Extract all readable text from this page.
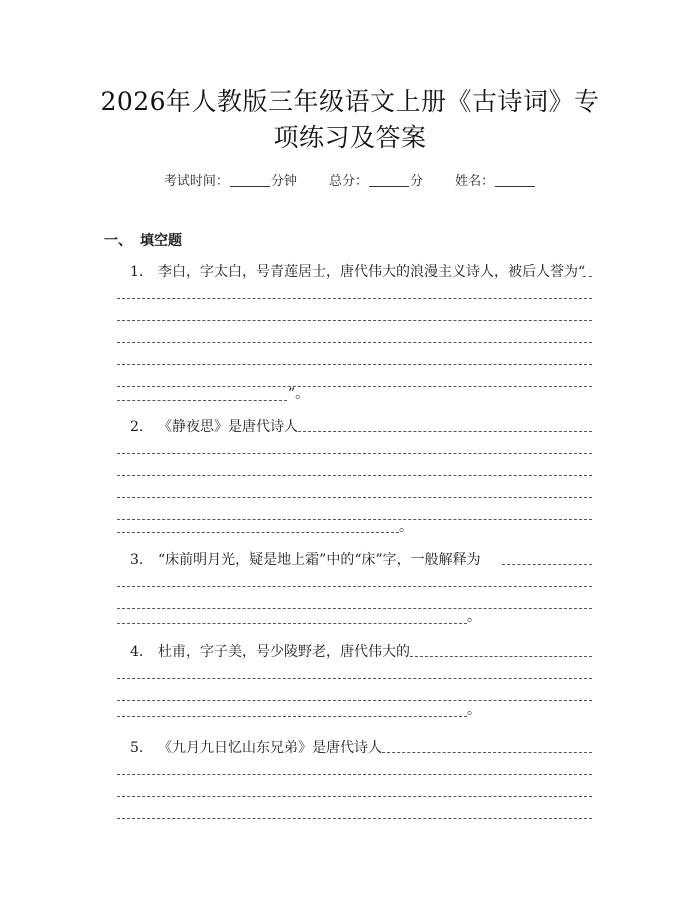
2026年人教版三年级语文上册《古诗词》专
项练习及答案
考试时间：	分钟 总分：	分 姓名：
一、 填空题
1. 李白，字太白，号青莲居士，唐代伟大的浪漫主义诗人，被后人誉为“
”。
2. 《静夜思》是唐代诗人
。
3. “床前明月光，疑是地上霜”中的“床”字，一般解释为
。
4. 杜甫，字子美，号少陵野老，唐代伟大的
。
5. 《九月九日忆山东兄弟》是唐代诗人
